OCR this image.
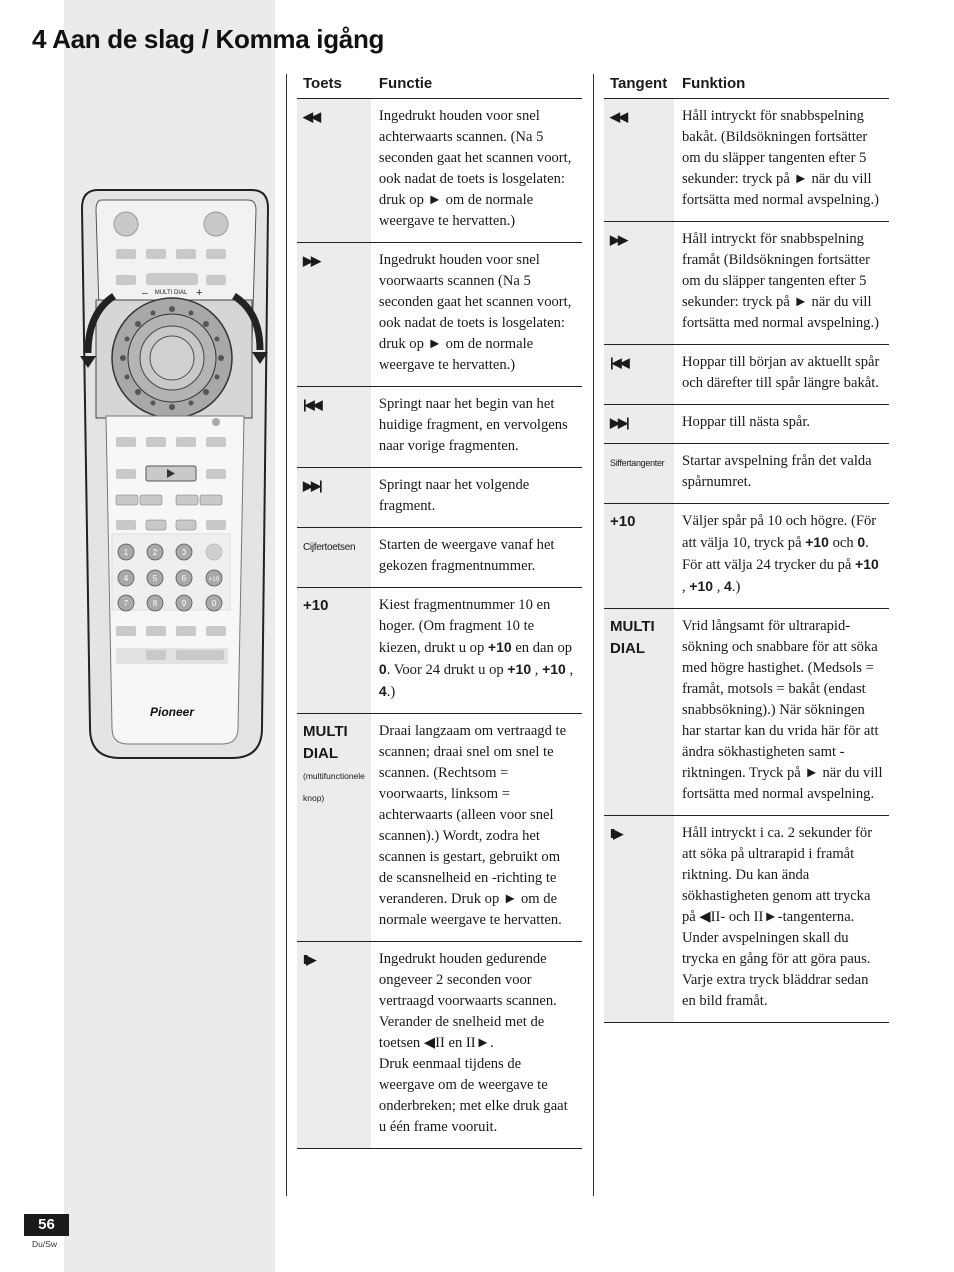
4 Aan de slag / Komma igång
MULTI DIAL
–	+
1	2	3
4	5	6	+10
7	8	9	0
Pioneer
Toets	Functie
◀◀	Ingedrukt houden voor snel achterwaarts scannen. (Na 5 seconden gaat het scannen voort, ook nadat de toets is losgelaten: druk op ► om de normale weergave te hervatten.)
▶▶	Ingedrukt houden voor snel voorwaarts scannen (Na 5 seconden gaat het scannen voort, ook nadat de toets is losgelaten: druk op ► om de normale weergave te hervatten.)
|◀◀	Springt naar het begin van het huidige fragment, en vervolgens naar vorige fragmenten.
▶▶|	Springt naar het volgende fragment.
Cijfertoetsen	Starten de weergave vanaf het gekozen fragmentnummer.
+10	Kiest fragmentnummer 10 en hoger. (Om fragment 10 te kiezen, drukt u op +10 en dan op 0. Voor 24 drukt u op +10 , +10 , 4.)

MULTI DIAL
(multifunctionele knop)	Draai langzaam om vertraagd te scannen; draai snel om snel te scannen. (Rechtsom = voorwaarts, linksom = achterwaarts (alleen voor snel scannen).) Wordt, zodra het scannen is gestart, gebruikt om de scansnelheid en -richting te veranderen. Druk op ► om de normale weergave te hervatten.
II▶	Ingedrukt houden gedurende ongeveer 2 seconden voor vertraagd voorwaarts scannen. Verander de snelheid met de toetsen ◀II en II►.
Druk eenmaal tijdens de weergave om de weergave te onderbreken; met elke druk gaat u één frame vooruit.
Tangent	Funktion
◀◀	Håll intryckt för snabbspelning bakåt. (Bildsökningen fortsätter om du släpper tangenten efter 5 sekunder: tryck på ► när du vill fortsätta med normal avspelning.)
▶▶	Håll intryckt för snabbspelning framåt (Bildsökningen fortsätter om du släpper tangenten efter 5 sekunder: tryck på ► när du vill fortsätta med normal avspelning.)
|◀◀	Hoppar till början av aktuellt spår och därefter till spår längre bakåt.
▶▶|	Hoppar till nästa spår.
Siffertangenter	Startar avspelning från det valda spårnumret.
+10	Väljer spår på 10 och högre. (För att välja 10, tryck på +10 och 0. För att välja 24 trycker du på +10 , +10 , 4.)

MULTI DIAL	Vrid långsamt för ultrarapid-sökning och snabbare för att söka med högre hastighet. (Medsols = framåt, motsols = bakåt (endast snabbsökning).) När sökningen har startar kan du vrida här för att ändra sökhastigheten samt -riktningen. Tryck på ► när du vill fortsätta med normal avspelning.
II▶	Håll intryckt i ca. 2 sekunder för att söka på ultrarapid i framåt riktning. Du kan ända sökhastigheten genom att trycka på ◀II- och II►-tangenterna. Under avspelningen skall du trycka en gång för att göra paus. Varje extra tryck bläddrar sedan en bild framåt.
56
Du/Sw
